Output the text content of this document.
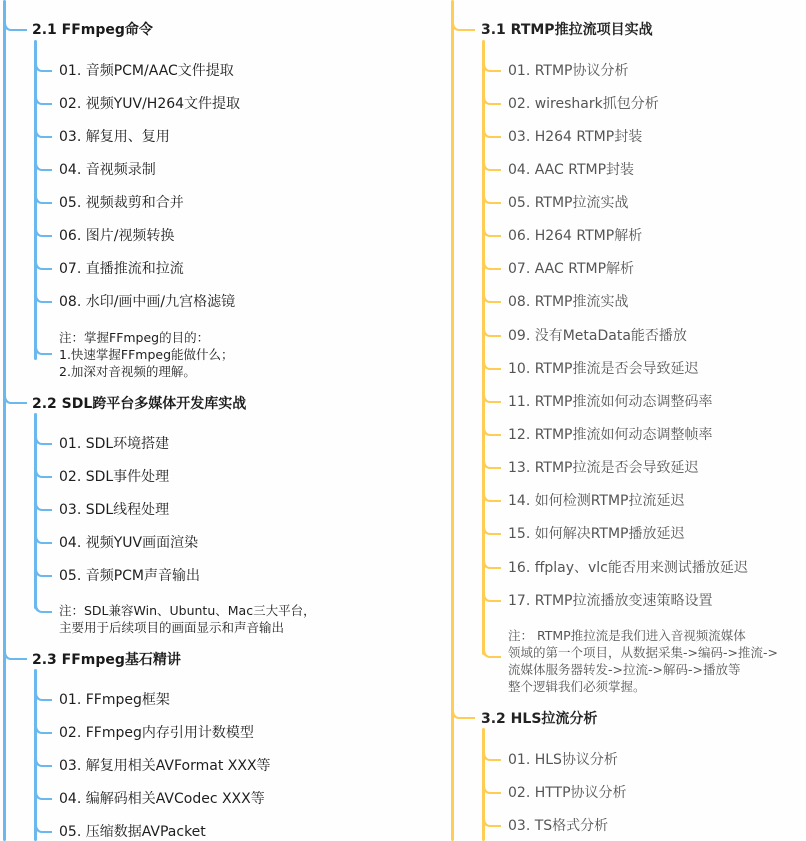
2.1 FFmpeg命令
01. 音频PCM/AAC文件提取
02. 视频YUV/H264文件提取
03. 解复用、复用
04. 音视频录制
05. 视频裁剪和合并
06. 图片/视频转换
07. 直播推流和拉流
08. 水印/画中画/九宫格滤镜
注：掌握FFmpeg的目的：
1.快速掌握FFmpeg能做什么；
2.加深对音视频的理解。
2.2 SDL跨平台多媒体开发库实战
01. SDL环境搭建
02. SDL事件处理
03. SDL线程处理
04. 视频YUV画面渲染
05. 音频PCM声音输出
注：SDL兼容Win、Ubuntu、Mac三大平台，
主要用于后续项目的画面显示和声音输出
2.3 FFmpeg基石精讲
01. FFmpeg框架
02. FFmpeg内存引用计数模型
03. 解复用相关AVFormat XXX等
04. 编解码相关AVCodec XXX等
05. 压缩数据AVPacket
3.1 RTMP推拉流项目实战
01. RTMP协议分析
02. wireshark抓包分析
03. H264 RTMP封装
04. AAC RTMP封装
05. RTMP拉流实战
06. H264 RTMP解析
07. AAC RTMP解析
08. RTMP推流实战
09. 没有MetaData能否播放
10. RTMP推流是否会导致延迟
11. RTMP推流如何动态调整码率
12. RTMP推流如何动态调整帧率
13. RTMP拉流是否会导致延迟
14. 如何检测RTMP拉流延迟
15. 如何解决RTMP播放延迟
16. ffplay、vlc能否用来测试播放延迟
17. RTMP拉流播放变速策略设置
注： RTMP推拉流是我们进入音视频流媒体
领域的第一个项目，从数据采集->编码->推流->
流媒体服务器转发->拉流->解码->播放等
整个逻辑我们必须掌握。
3.2 HLS拉流分析
01. HLS协议分析
02. HTTP协议分析
03. TS格式分析
